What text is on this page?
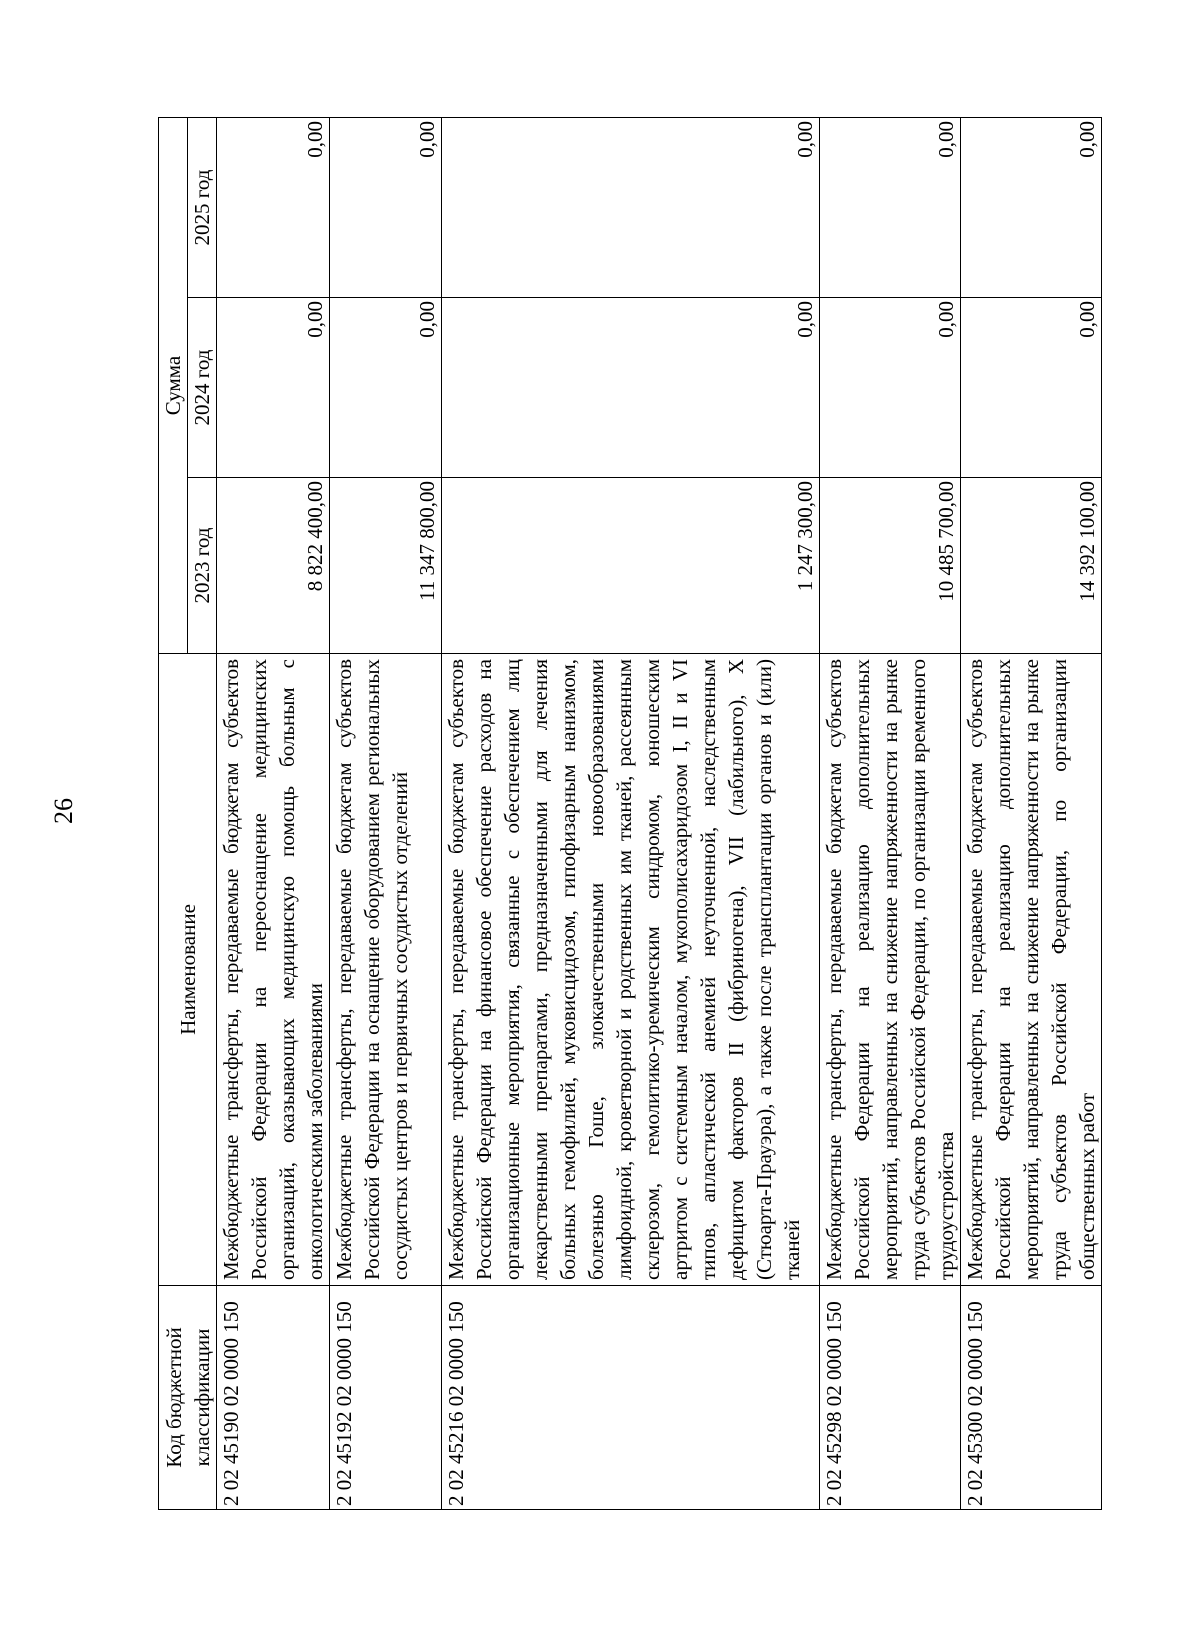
26
Код бюджетной классификации	Наименование	Сумма		
		2023 год	2024 год	2025 год
2 02 45190 02 0000 150	Межбюджетные трансферты, передаваемые бюджетам субъектов Российской Федерации на переоснащение медицинских организаций, оказывающих медицинскую помощь больным с онкологическими заболеваниями	8 822 400,00	0,00	0,00
2 02 45192 02 0000 150	Межбюджетные трансферты, передаваемые бюджетам субъектов Российской Федерации на оснащение оборудованием региональных сосудистых центров и первичных сосудистых отделений	11 347 800,00	0,00	0,00
2 02 45216 02 0000 150	Межбюджетные трансферты, передаваемые бюджетам субъектов Российской Федерации на финансовое обеспечение расходов на организационные мероприятия, связанные с обеспечением лиц лекарственными препаратами, предназначенными для лечения больных гемофилией, муковисцидозом, гипофизарным нанизмом, болезнью Гоше, злокачественными новообразованиями лимфоидной, кроветворной и родственных им тканей, рассеянным склерозом, гемолитико-уремическим синдромом, юношеским артритом с системным началом, мукополисахаридозом I, II и VI типов, апластической анемией неуточненной, наследственным дефицитом факторов II (фибриногена), VII (лабильного), X (Стюарта-Прауэра), а также после трансплантации органов и (или) тканей	1 247 300,00	0,00	0,00
2 02 45298 02 0000 150	Межбюджетные трансферты, передаваемые бюджетам субъектов Российской Федерации на реализацию дополнительных мероприятий, направленных на снижение напряженности на рынке труда субъектов Российской Федерации, по организации временного трудоустройства	10 485 700,00	0,00	0,00
2 02 45300 02 0000 150	Межбюджетные трансферты, передаваемые бюджетам субъектов Российской Федерации на реализацию дополнительных мероприятий, направленных на снижение напряженности на рынке труда субъектов Российской Федерации, по организации общественных работ	14 392 100,00	0,00	0,00
